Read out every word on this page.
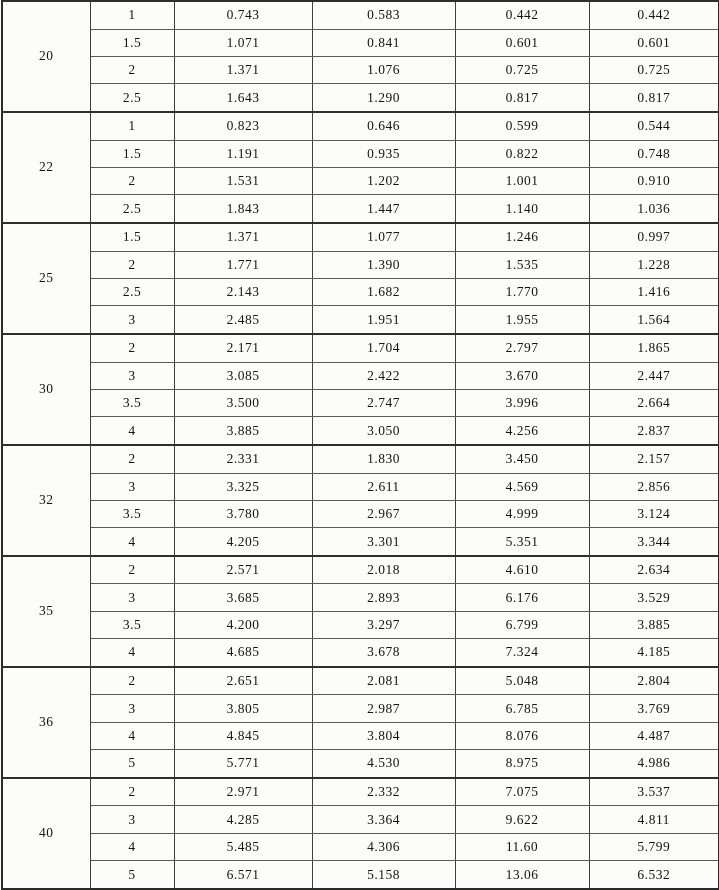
20	1	0.743	0.583	0.442	0.442
	1.5	1.071	0.841	0.601	0.601
	2	1.371	1.076	0.725	0.725
	2.5	1.643	1.290	0.817	0.817
22	1	0.823	0.646	0.599	0.544
	1.5	1.191	0.935	0.822	0.748
	2	1.531	1.202	1.001	0.910
	2.5	1.843	1.447	1.140	1.036
25	1.5	1.371	1.077	1.246	0.997
	2	1.771	1.390	1.535	1.228
	2.5	2.143	1.682	1.770	1.416
	3	2.485	1.951	1.955	1.564
30	2	2.171	1.704	2.797	1.865
	3	3.085	2.422	3.670	2.447
	3.5	3.500	2.747	3.996	2.664
	4	3.885	3.050	4.256	2.837
32	2	2.331	1.830	3.450	2.157
	3	3.325	2.611	4.569	2.856
	3.5	3.780	2.967	4.999	3.124
	4	4.205	3.301	5.351	3.344
35	2	2.571	2.018	4.610	2.634
	3	3.685	2.893	6.176	3.529
	3.5	4.200	3.297	6.799	3.885
	4	4.685	3.678	7.324	4.185
36	2	2.651	2.081	5.048	2.804
	3	3.805	2.987	6.785	3.769
	4	4.845	3.804	8.076	4.487
	5	5.771	4.530	8.975	4.986
40	2	2.971	2.332	7.075	3.537
	3	4.285	3.364	9.622	4.811
	4	5.485	4.306	11.60	5.799
	5	6.571	5.158	13.06	6.532
